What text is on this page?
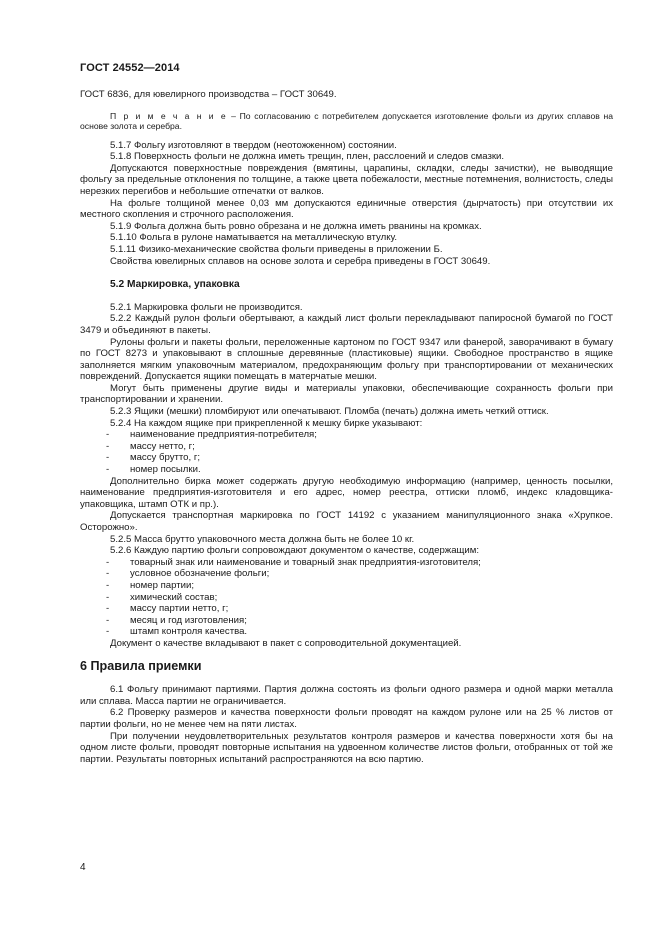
ГОСТ 24552—2014

ГОСТ 6836, для ювелирного производства – ГОСТ 30649.

П р и м е ч а н и е – По согласованию с потребителем допускается изготовление фольги из других сплавов на основе золота и серебра.

5.1.7 Фольгу изготовляют в твердом (неотожженном) состоянии.

5.1.8 Поверхность фольги не должна иметь трещин, плен, расслоений и следов смазки.

Допускаются поверхностные повреждения (вмятины, царапины, складки, следы зачистки), не выводящие фольгу за предельные отклонения по толщине, а также цвета побежалости, местные потемнения, волнистость, следы нерезких перегибов и небольшие отпечатки от валков.

На фольге толщиной менее 0,03 мм допускаются единичные отверстия (дырчатость) при отсутствии их местного скопления и строчного расположения.

5.1.9 Фольга должна быть ровно обрезана и не должна иметь рванины на кромках.

5.1.10 Фольга в рулоне наматывается на металлическую втулку.

5.1.11 Физико-механические свойства фольги приведены в приложении Б.

Свойства ювелирных сплавов на основе золота и серебра приведены в ГОСТ 30649.

5.2 Маркировка, упаковка

5.2.1 Маркировка фольги не производится.

5.2.2 Каждый рулон фольги обертывают, а каждый лист фольги перекладывают папиросной бумагой по ГОСТ 3479 и объединяют в пакеты.

Рулоны фольги и пакеты фольги, переложенные картоном по ГОСТ 9347 или фанерой, заворачивают в бумагу по ГОСТ 8273 и упаковывают в сплошные деревянные (пластиковые) ящики. Свободное пространство в ящике заполняется мягким упаковочным материалом, предохраняющим фольгу при транспортировании от механических повреждений. Допускается ящики помещать в матерчатые мешки.

Могут быть применены другие виды и материалы упаковки, обеспечивающие сохранность фольги при транспортировании и хранении.

5.2.3 Ящики (мешки) пломбируют или опечатывают. Пломба (печать) должна иметь четкий оттиск.

5.2.4 На каждом ящике при прикрепленной к мешку бирке указывают:

- наименование предприятия-потребителя;
- массу нетто, г;
- массу брутто, г;
- номер посылки.

Дополнительно бирка может содержать другую необходимую информацию (например, ценность посылки, наименование предприятия-изготовителя и его адрес, номер реестра, оттиски пломб, индекс кладовщика-упаковщика, штамп ОТК и пр.).

Допускается транспортная маркировка по ГОСТ 14192 с указанием манипуляционного знака «Хрупкое. Осторожно».

5.2.5 Масса брутто упаковочного места должна быть не более 10 кг.

5.2.6 Каждую партию фольги сопровождают документом о качестве, содержащим:

- товарный знак или наименование и товарный знак предприятия-изготовителя;
- условное обозначение фольги;
- номер партии;
- химический состав;
- массу партии нетто, г;
- месяц и год изготовления;
- штамп контроля качества.

Документ о качестве вкладывают в пакет с сопроводительной документацией.

6 Правила приемки

6.1 Фольгу принимают партиями. Партия должна состоять из фольги одного размера и одной марки металла или сплава. Масса партии не ограничивается.

6.2 Проверку размеров и качества поверхности фольги проводят на каждом рулоне или на 25 % листов от партии фольги, но не менее чем на пяти листах.

При получении неудовлетворительных результатов контроля размеров и качества поверхности хотя бы на одном листе фольги, проводят повторные испытания на удвоенном количестве листов фольги, отобранных от той же партии. Результаты повторных испытаний распространяются на всю партию.

4
